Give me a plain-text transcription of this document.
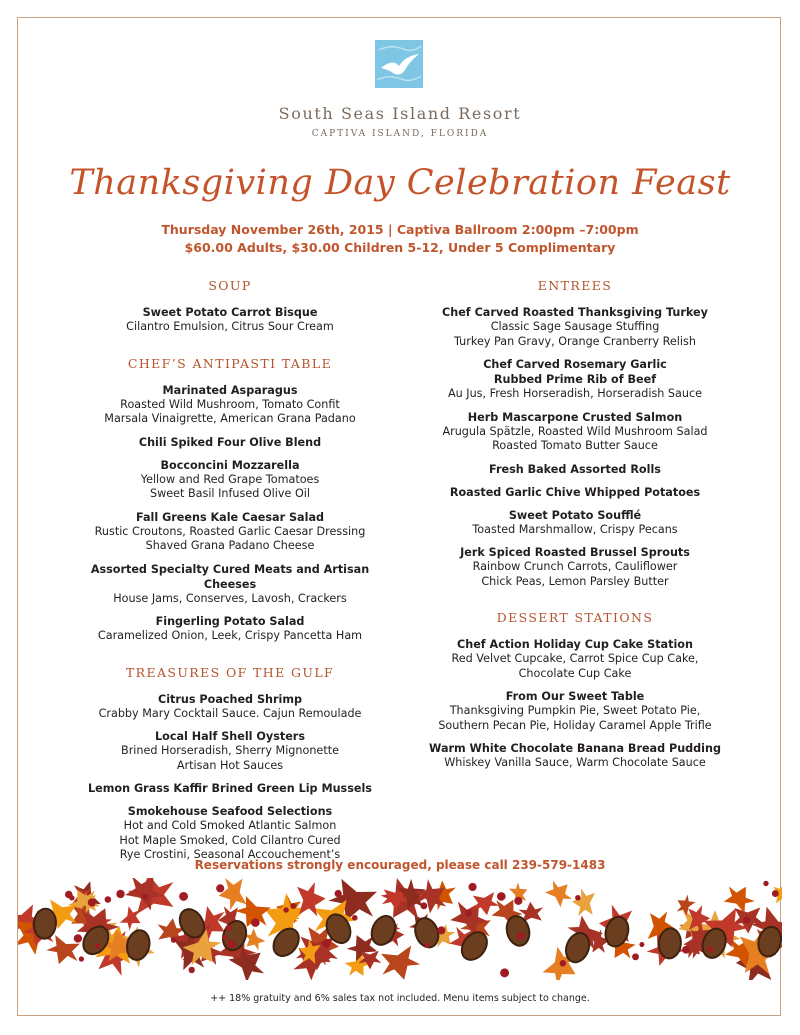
South Seas Island Resort
CAPTIVA ISLAND, FLORIDA
Thanksgiving Day Celebration Feast
Thursday November 26th, 2015 | Captiva Ballroom 2:00pm –7:00pm
$60.00 Adults, $30.00 Children 5-12, Under 5 Complimentary
SOUP
Sweet Potato Carrot Bisque
Cilantro Emulsion, Citrus Sour Cream
CHEF’S ANTIPASTI TABLE
Marinated Asparagus
Roasted Wild Mushroom, Tomato Confit
Marsala Vinaigrette, American Grana Padano
Chili Spiked Four Olive Blend
Bocconcini Mozzarella
Yellow and Red Grape Tomatoes
Sweet Basil Infused Olive Oil
Fall Greens Kale Caesar Salad
Rustic Croutons, Roasted Garlic Caesar Dressing
Shaved Grana Padano Cheese
Assorted Specialty Cured Meats and Artisan Cheeses
House Jams, Conserves, Lavosh, Crackers
Fingerling Potato Salad
Caramelized Onion, Leek, Crispy Pancetta Ham
TREASURES OF THE GULF
Citrus Poached Shrimp
Crabby Mary Cocktail Sauce. Cajun Remoulade
Local Half Shell Oysters
Brined Horseradish, Sherry Mignonette
Artisan Hot Sauces
Lemon Grass Kaffir Brined Green Lip Mussels
Smokehouse Seafood Selections
Hot and Cold Smoked Atlantic Salmon
Hot Maple Smoked, Cold Cilantro Cured
Rye Crostini, Seasonal Accouchement’s
ENTREES
Chef Carved Roasted Thanksgiving Turkey
Classic Sage Sausage Stuffing
Turkey Pan Gravy, Orange Cranberry Relish
Chef Carved Rosemary Garlic
Rubbed Prime Rib of Beef
Au Jus, Fresh Horseradish, Horseradish Sauce
Herb Mascarpone Crusted Salmon
Arugula Spätzle, Roasted Wild Mushroom Salad
Roasted Tomato Butter Sauce
Fresh Baked Assorted Rolls
Roasted Garlic Chive Whipped Potatoes
Sweet Potato Soufflé
Toasted Marshmallow, Crispy Pecans
Jerk Spiced Roasted Brussel Sprouts
Rainbow Crunch Carrots, Cauliflower
Chick Peas, Lemon Parsley Butter
DESSERT STATIONS
Chef Action Holiday Cup Cake Station
Red Velvet Cupcake, Carrot Spice Cup Cake,
Chocolate Cup Cake
From Our Sweet Table
Thanksgiving Pumpkin Pie, Sweet Potato Pie,
Southern Pecan Pie, Holiday Caramel Apple Trifle
Warm White Chocolate Banana Bread Pudding
Whiskey Vanilla Sauce, Warm Chocolate Sauce
Reservations strongly encouraged, please call 239-579-1483
++ 18% gratuity and 6% sales tax not included. Menu items subject to change.
